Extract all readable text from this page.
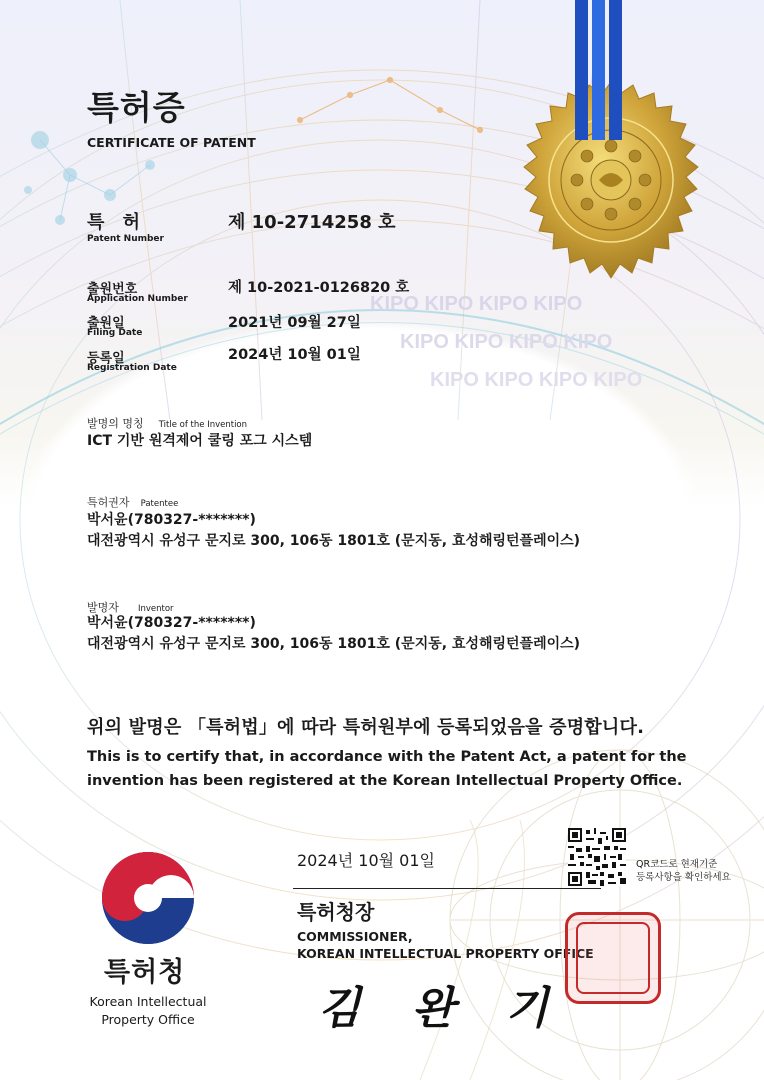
KIPO KIPO KIPO KIPO
KIPO KIPO KIPO KIPO
KIPO KIPO KIPO KIPO
특허증
CERTIFICATE OF PATENT
특 허
Patent Number
제 10-2714258 호
출원번호
Application Number
제 10-2021-0126820 호
출원일
Filing Date
2021년 09월 27일
등록일
Registration Date
2024년 10월 01일
발명의 명칭 Title of the Invention
ICT 기반 원격제어 쿨링 포그 시스템
특허권자 Patentee
박서윤(780327-*******)
대전광역시 유성구 문지로 300, 106동 1801호 (문지동, 효성해링턴플레이스)
발명자 Inventor
박서윤(780327-*******)
대전광역시 유성구 문지로 300, 106동 1801호 (문지동, 효성해링턴플레이스)
위의 발명은 「특허법」에 따라 특허원부에 등록되었음을 증명합니다.
This is to certify that, in accordance with the Patent Act, a patent for the
invention has been registered at the Korean Intellectual Property Office.
2024년 10월 01일	QR코드로 현재기준
등록사항을 확인하세요
특허청장
COMMISSIONER,
KOREAN INTELLECTUAL PROPERTY OFFICE
김 완 기
특허청
Korean Intellectual
Property Office
